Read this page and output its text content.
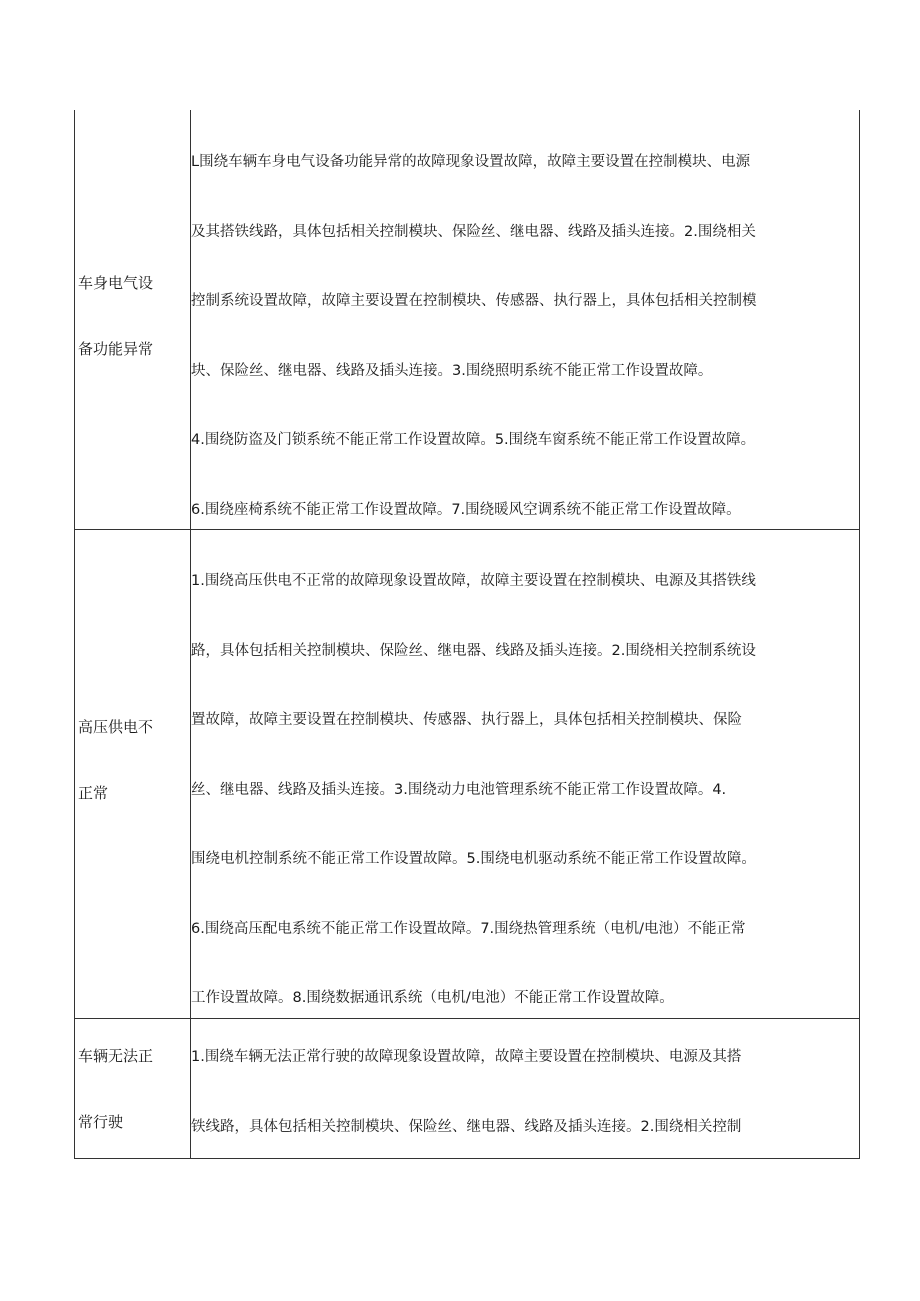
车身电气设
备功能异常
L围绕车辆车身电气设备功能异常的故障现象设置故障，故障主要设置在控制模块、电源
及其搭铁线路，具体包括相关控制模块、保险丝、继电器、线路及插头连接。2.围绕相关
控制系统设置故障，故障主要设置在控制模块、传感器、执行器上，具体包括相关控制模
块、保险丝、继电器、线路及插头连接。3.围绕照明系统不能正常工作设置故障。
4.围绕防盗及门锁系统不能正常工作设置故障。5.围绕车窗系统不能正常工作设置故障。
6.围绕座椅系统不能正常工作设置故障。7.围绕暖风空调系统不能正常工作设置故障。
高压供电不
正常
1.围绕高压供电不正常的故障现象设置故障，故障主要设置在控制模块、电源及其搭铁线
路，具体包括相关控制模块、保险丝、继电器、线路及插头连接。2.围绕相关控制系统设
置故障，故障主要设置在控制模块、传感器、执行器上，具体包括相关控制模块、保险
丝、继电器、线路及插头连接。3.围绕动力电池管理系统不能正常工作设置故障。4.
围绕电机控制系统不能正常工作设置故障。5.围绕电机驱动系统不能正常工作设置故障。
6.围绕高压配电系统不能正常工作设置故障。7.围绕热管理系统（电机/电池）不能正常
工作设置故障。8.围绕数据通讯系统（电机/电池）不能正常工作设置故障。
车辆无法正
常行驶
1.围绕车辆无法正常行驶的故障现象设置故障，故障主要设置在控制模块、电源及其搭
铁线路，具体包括相关控制模块、保险丝、继电器、线路及插头连接。2.围绕相关控制
